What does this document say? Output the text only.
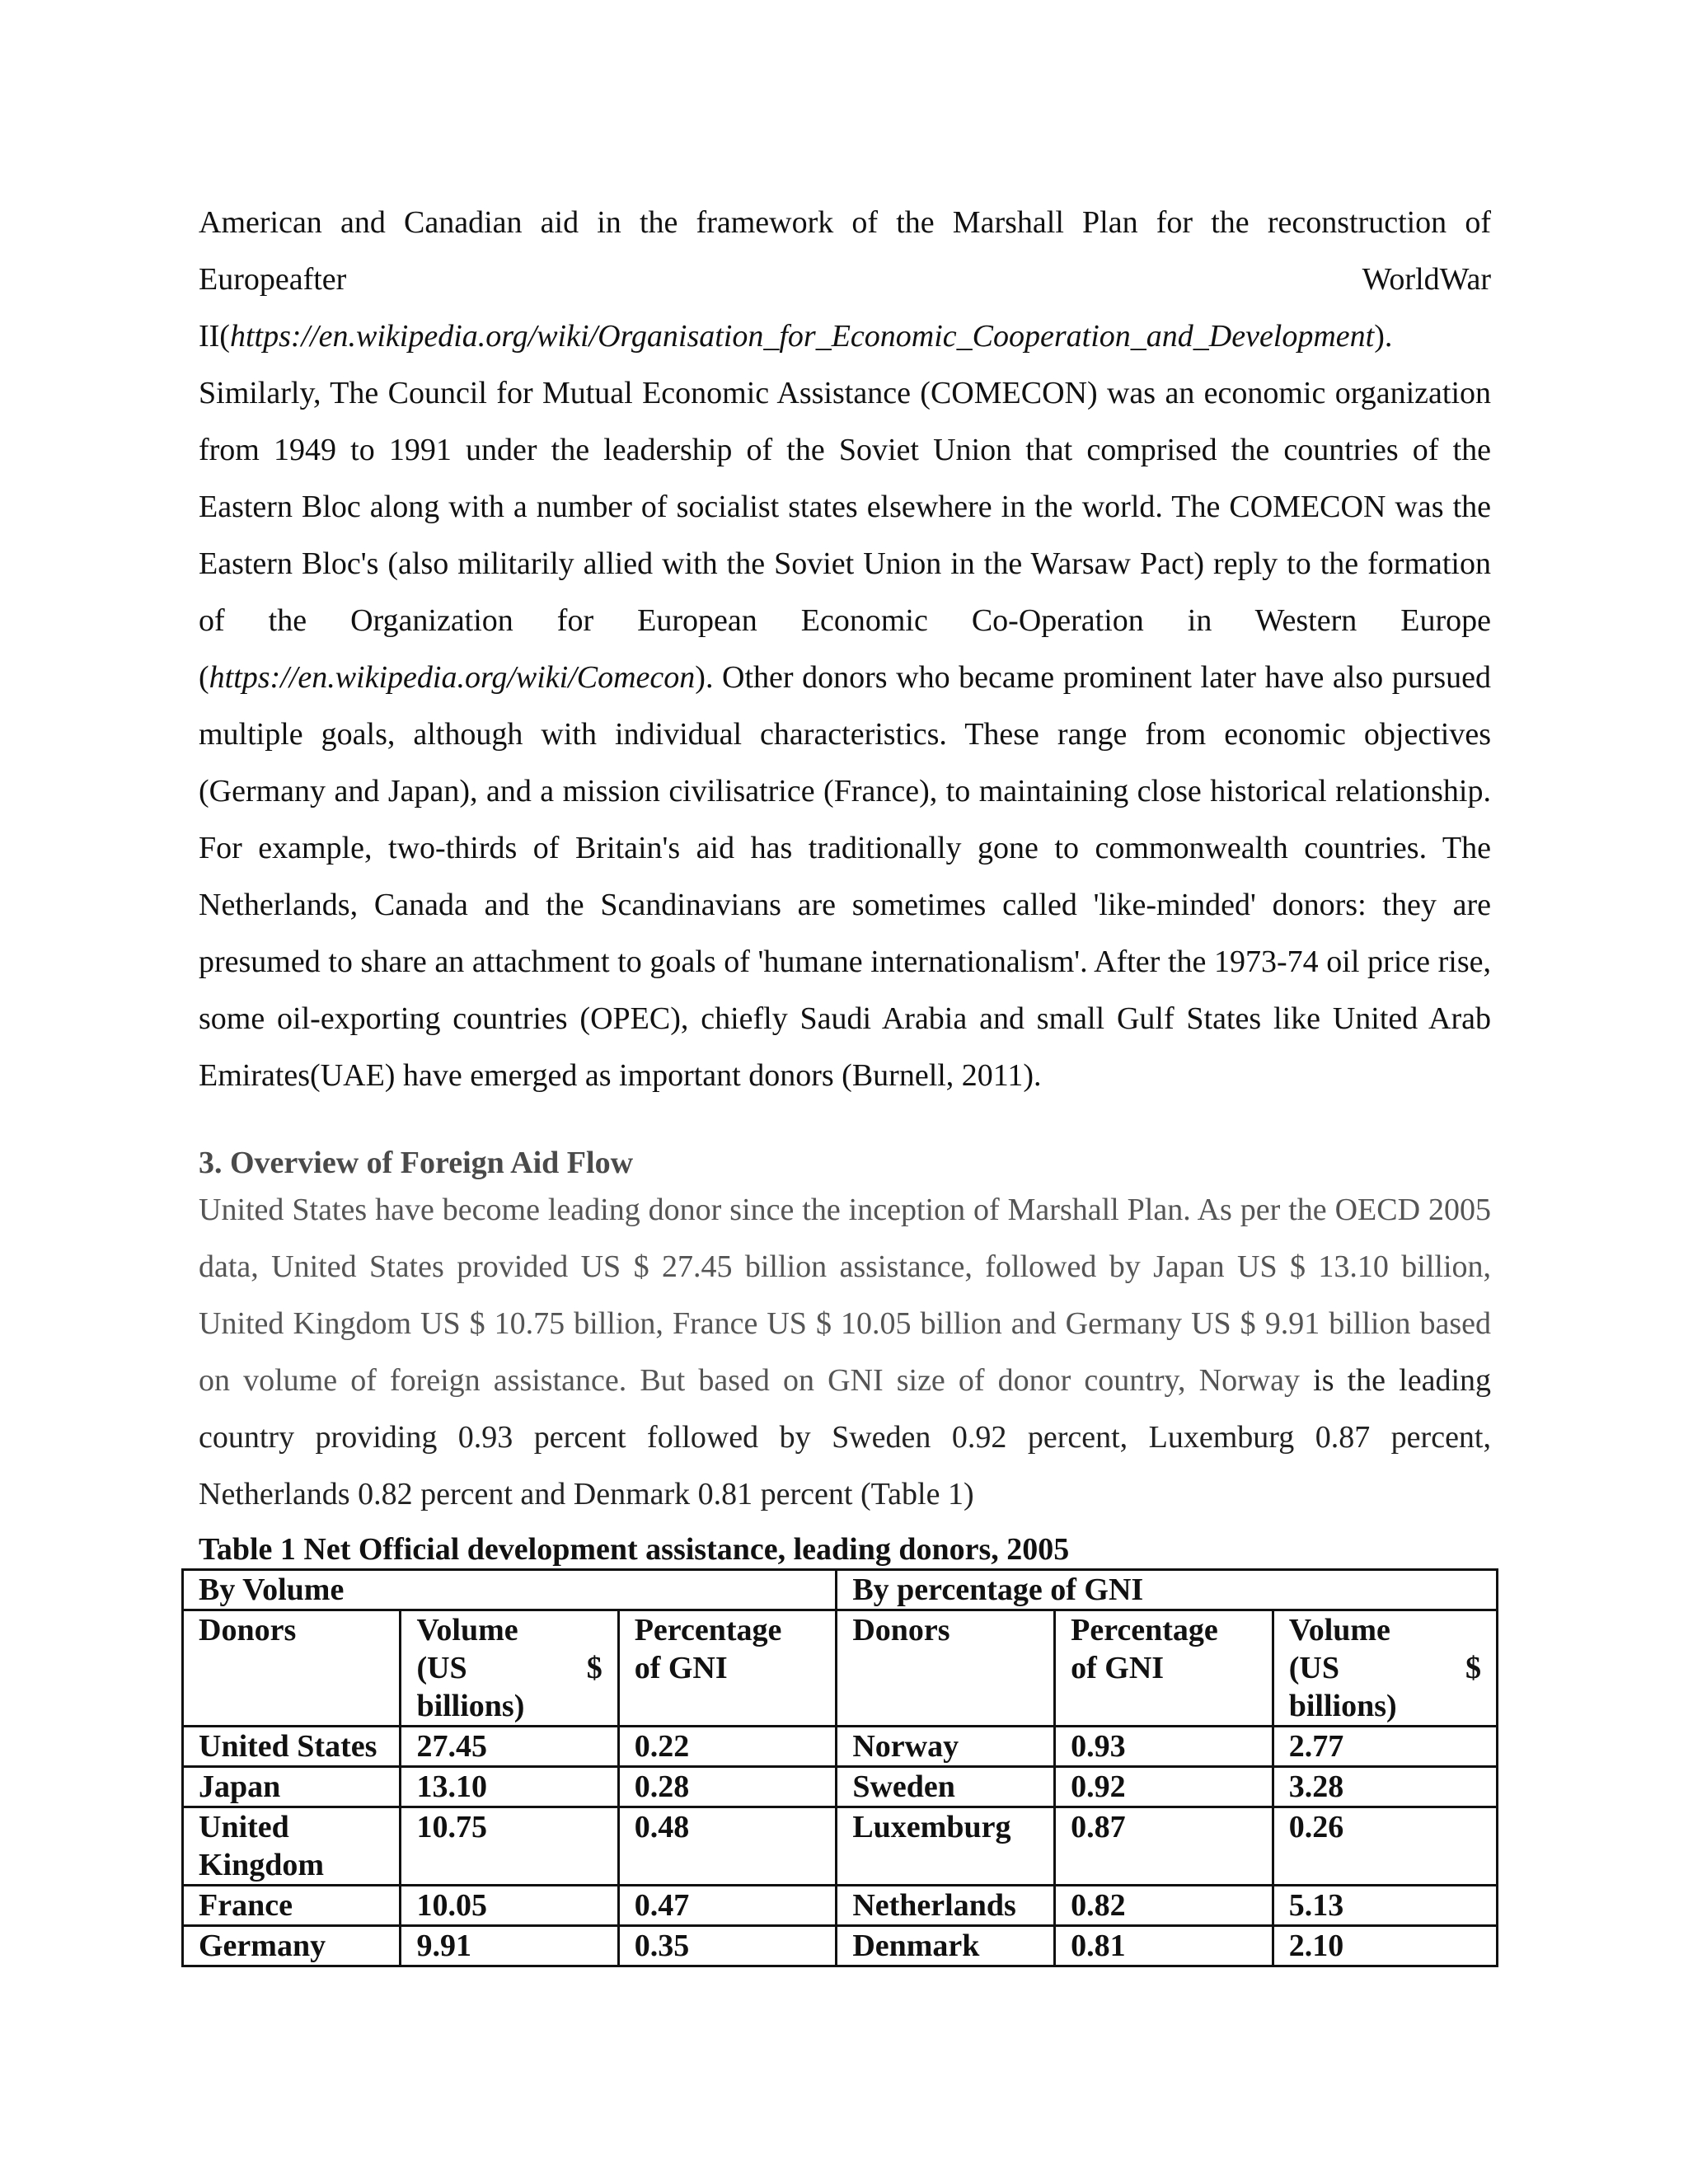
American and Canadian aid in the framework of the Marshall Plan for the reconstruction of Europeafter WorldWar II(https://en.wikipedia.org/wiki/Organisation_for_Economic_Cooperation_and_Development). Similarly, The Council for Mutual Economic Assistance (COMECON) was an economic organization from 1949 to 1991 under the leadership of the Soviet Union that comprised the countries of the Eastern Bloc along with a number of socialist states elsewhere in the world. The COMECON was the Eastern Bloc's (also militarily allied with the Soviet Union in the Warsaw Pact) reply to the formation of the Organization for European Economic Co-Operation in Western Europe (https://en.wikipedia.org/wiki/Comecon). Other donors who became prominent later have also pursued multiple goals, although with individual characteristics. These range from economic objectives (Germany and Japan), and a mission civilisatrice (France), to maintaining close historical relationship. For example, two-thirds of Britain's aid has traditionally gone to commonwealth countries. The Netherlands, Canada and the Scandinavians are sometimes called 'like-minded' donors: they are presumed to share an attachment to goals of 'humane internationalism'. After the 1973-74 oil price rise, some oil-exporting countries (OPEC), chiefly Saudi Arabia and small Gulf States like United Arab Emirates(UAE) have emerged as important donors (Burnell, 2011).

3. Overview of Foreign Aid Flow

United States have become leading donor since the inception of Marshall Plan. As per the OECD 2005 data, United States provided US $ 27.45 billion assistance, followed by Japan US $ 13.10 billion, United Kingdom US $ 10.75 billion, France US $ 10.05 billion and Germany US $ 9.91 billion based on volume of foreign assistance. But based on GNI size of donor country, Norway is the leading country providing 0.93 percent followed by Sweden 0.92 percent, Luxemburg 0.87 percent, Netherlands 0.82 percent and Denmark 0.81 percent (Table 1)

Table 1 Net Official development assistance, leading donors, 2005

By Volume			By percentage of GNI		
Donors	Volume
(US $
billions)	Percentage
of GNI	Donors	Percentage
of GNI	Volume
(US $
billions)

United States	27.45	0.22	Norway	0.93	2.77
Japan	13.10	0.28	Sweden	0.92	3.28
United Kingdom	10.75	0.48	Luxemburg	0.87	0.26
France	10.05	0.47	Netherlands	0.82	5.13
Germany	9.91	0.35	Denmark	0.81	2.10
